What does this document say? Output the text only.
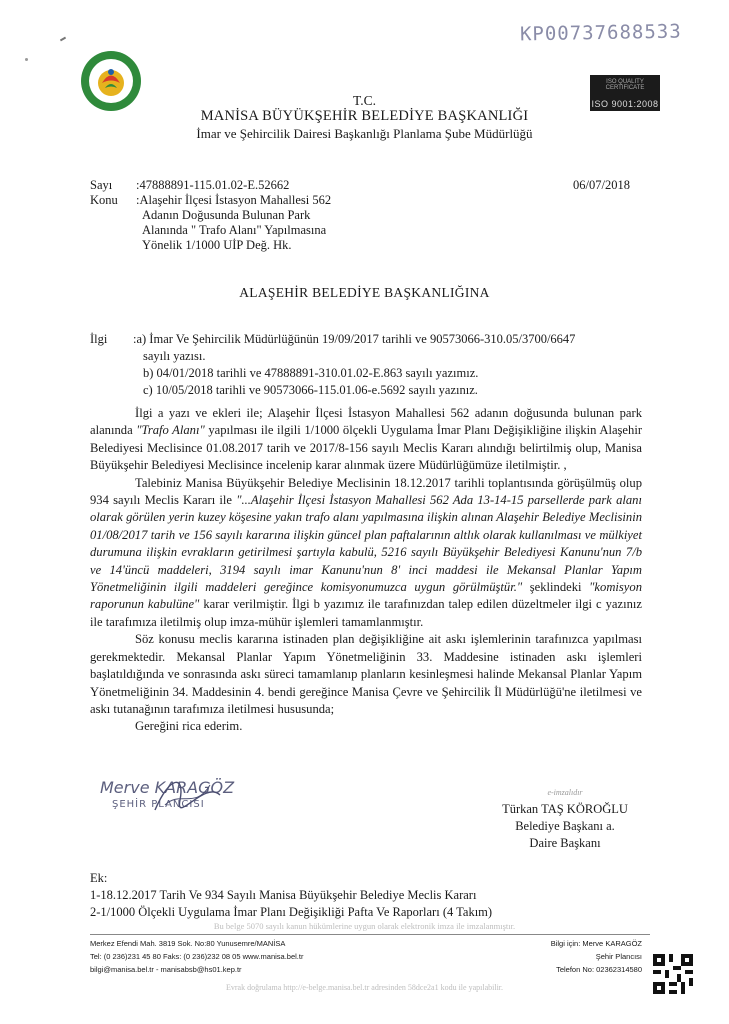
KP00737688533
ISO QUALITY CERTIFICATE
ISO 9001:2008
T.C.
MANİSA BÜYÜKŞEHİR BELEDİYE BAŞKANLIĞI
İmar ve Şehircilik Dairesi Başkanlığı Planlama Şube Müdürlüğü
Sayı :47888891-115.01.02-E.52662	06/07/2018
Konu :Alaşehir İlçesi İstasyon Mahallesi 562
Adanın Doğusunda Bulunan Park
Alanında " Trafo Alanı" Yapılmasına
Yönelik 1/1000 UİP Değ. Hk.
ALAŞEHİR BELEDİYE BAŞKANLIĞINA
İlgi :a) İmar Ve Şehircilik Müdürlüğünün 19/09/2017 tarihli ve 90573066-310.05/3700/6647
sayılı yazısı.
b) 04/01/2018 tarihli ve 47888891-310.01.02-E.863 sayılı yazımız.
c) 10/05/2018 tarihli ve 90573066-115.01.06-e.5692 sayılı yazınız.

İlgi a yazı ve ekleri ile; Alaşehir İlçesi İstasyon Mahallesi 562 adanın doğusunda bulunan park alanında "Trafo Alanı" yapılması ile ilgili 1/1000 ölçekli Uygulama İmar Planı Değişikliğine ilişkin Alaşehir Belediyesi Meclisince 01.08.2017 tarih ve 2017/8-156 sayılı Meclis Kararı alındığı belirtilmiş olup, Manisa Büyükşehir Belediyesi Meclisince incelenip karar alınmak üzere Müdürlüğümüze iletilmiştir. ,

Talebiniz Manisa Büyükşehir Belediye Meclisinin 18.12.2017 tarihli toplantısında görüşülmüş olup 934 sayılı Meclis Kararı ile "...Alaşehir İlçesi İstasyon Mahallesi 562 Ada 13-14-15 parsellerde park alanı olarak görülen yerin kuzey köşesine yakın trafo alanı yapılmasına ilişkin alınan Alaşehir Belediye Meclisinin 01/08/2017 tarih ve 156 sayılı kararına ilişkin güncel plan paftalarının altlık olarak kullanılması ve mülkiyet durumuna ilişkin evrakların getirilmesi şartıyla kabulü, 5216 sayılı Büyükşehir Belediyesi Kanunu'nun 7/b ve 14'üncü maddeleri, 3194 sayılı imar Kanunu'nun 8' inci maddesi ile Mekansal Planlar Yapım Yönetmeliğinin ilgili maddeleri gereğince komisyonumuzca uygun görülmüştür." şeklindeki "komisyon raporunun kabulüne" karar verilmiştir. İlgi b yazımız ile tarafınızdan talep edilen düzeltmeler ilgi c yazınız ile tarafımıza iletilmiş olup imza-mühür işlemleri tamamlanmıştır.

Söz konusu meclis kararına istinaden plan değişikliğine ait askı işlemlerinin tarafınızca yapılması gerekmektedir. Mekansal Planlar Yapım Yönetmeliğinin 33. Maddesine istinaden askı işlemleri başlatıldığında ve sonrasında askı süreci tamamlanıp planların kesinleşmesi halinde Mekansal Planlar Yapım Yönetmeliğinin 34. Maddesinin 4. bendi gereğince Manisa Çevre ve Şehircilik İl Müdürlüğü'ne iletilmesi ve askı tutanağının tarafımıza iletilmesi hususunda;

Gereğini rica ederim.

Merve KARAGÖZ
ŞEHİR PLANCISI
e-imzalıdır
Türkan TAŞ KÖROĞLU
Belediye Başkanı a.
Daire Başkanı
Ek:
1-18.12.2017 Tarih Ve 934 Sayılı Manisa Büyükşehir Belediye Meclis Kararı
2-1/1000 Ölçekli Uygulama İmar Planı Değişikliği Pafta Ve Raporları (4 Takım)
Bu belge 5070 sayılı kanun hükümlerine uygun olarak elektronik imza ile imzalanmıştır.
Merkez Efendi Mah. 3819 Sok. No:80 Yunusemre/MANİSA
Tel: (0 236)231 45 80 Faks: (0 236)232 08 05 www.manisa.bel.tr
bilgi@manisa.bel.tr - manisabsb@hs01.kep.tr
Bilgi için: Merve KARAGÖZ
Şehir Plancısı
Telefon No: 02362314580
Evrak doğrulama http://e-belge.manisa.bel.tr adresinden 58dce2a1 kodu ile yapılabilir.
